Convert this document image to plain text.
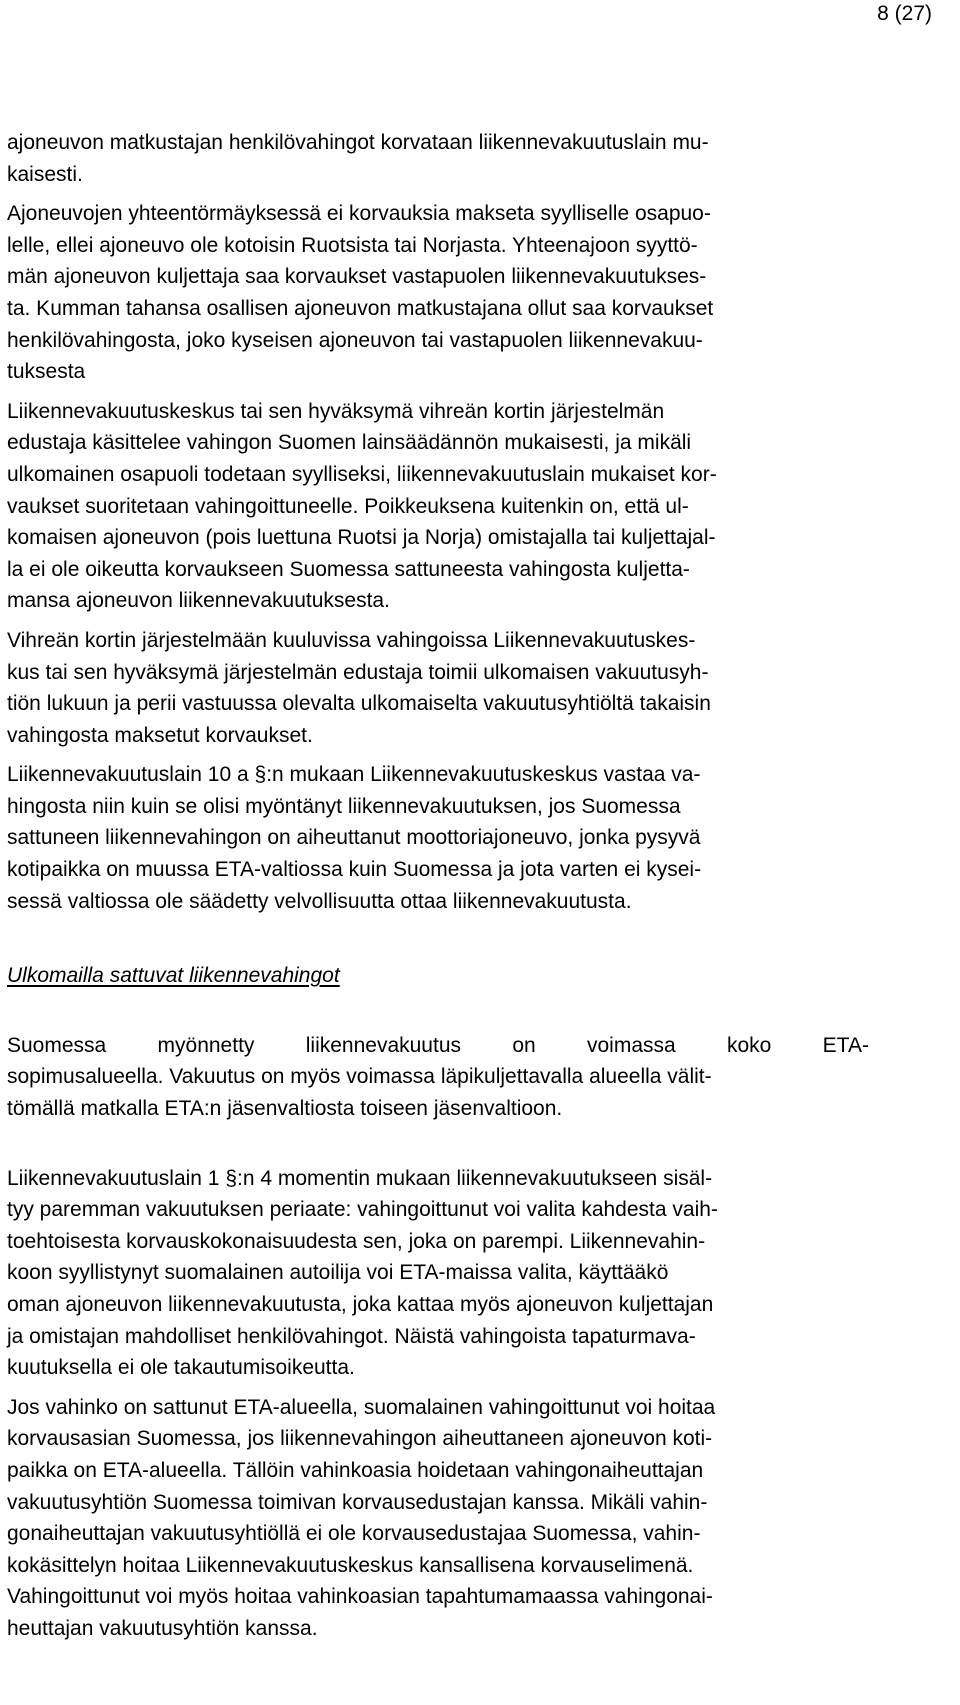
8 (27)
ajoneuvon matkustajan henkilövahingot korvataan liikennevakuutuslain mu-
kaisesti.
Ajoneuvojen yhteentörmäyksessä ei korvauksia makseta syylliselle osapuo-
lelle, ellei ajoneuvo ole kotoisin Ruotsista tai Norjasta. Yhteenajoon syyttö-
män ajoneuvon kuljettaja saa korvaukset vastapuolen liikennevakuutukses-
ta. Kumman tahansa osallisen ajoneuvon matkustajana ollut saa korvaukset
henkilövahingosta, joko kyseisen ajoneuvon tai vastapuolen liikennevakuu-
tuksesta
Liikennevakuutuskeskus tai sen hyväksymä vihreän kortin järjestelmän
edustaja käsittelee vahingon Suomen lainsäädännön mukaisesti, ja mikäli
ulkomainen osapuoli todetaan syylliseksi, liikennevakuutuslain mukaiset kor-
vaukset suoritetaan vahingoittuneelle. Poikkeuksena kuitenkin on, että ul-
komaisen ajoneuvon (pois luettuna Ruotsi ja Norja) omistajalla tai kuljettajal-
la ei ole oikeutta korvaukseen Suomessa sattuneesta vahingosta kuljetta-
mansa ajoneuvon liikennevakuutuksesta.
Vihreän kortin järjestelmään kuuluvissa vahingoissa Liikennevakuutuskes-
kus tai sen hyväksymä järjestelmän edustaja toimii ulkomaisen vakuutusyh-
tiön lukuun ja perii vastuussa olevalta ulkomaiselta vakuutusyhtiöltä takaisin
vahingosta maksetut korvaukset.
Liikennevakuutuslain 10 a §:n mukaan Liikennevakuutuskeskus vastaa va-
hingosta niin kuin se olisi myöntänyt liikennevakuutuksen, jos Suomessa
sattuneen liikennevahingon on aiheuttanut moottoriajoneuvo, jonka pysyvä
kotipaikka on muussa ETA-valtiossa kuin Suomessa ja jota varten ei kysei-
sessä valtiossa ole säädetty velvollisuutta ottaa liikennevakuutusta.
Ulkomailla sattuvat liikennevahingot
Suomessa myönnetty liikennevakuutus on voimassa koko ETA-
sopimusalueella. Vakuutus on myös voimassa läpikuljettavalla alueella välit-
tömällä matkalla ETA:n jäsenvaltiosta toiseen jäsenvaltioon.
Liikennevakuutuslain 1 §:n 4 momentin mukaan liikennevakuutukseen sisäl-
tyy paremman vakuutuksen periaate: vahingoittunut voi valita kahdesta vaih-
toehtoisesta korvauskokonaisuudesta sen, joka on parempi. Liikennevahin-
koon syyllistynyt suomalainen autoilija voi ETA-maissa valita, käyttääkö
oman ajoneuvon liikennevakuutusta, joka kattaa myös ajoneuvon kuljettajan
ja omistajan mahdolliset henkilövahingot. Näistä vahingoista tapaturmava-
kuutuksella ei ole takautumisoikeutta.
Jos vahinko on sattunut ETA-alueella, suomalainen vahingoittunut voi hoitaa
korvausasian Suomessa, jos liikennevahingon aiheuttaneen ajoneuvon koti-
paikka on ETA-alueella. Tällöin vahinkoasia hoidetaan vahingonaiheuttajan
vakuutusyhtiön Suomessa toimivan korvausedustajan kanssa. Mikäli vahin-
gonaiheuttajan vakuutusyhtiöllä ei ole korvausedustajaa Suomessa, vahin-
kokäsittelyn hoitaa Liikennevakuutuskeskus kansallisena korvauselimenä.
Vahingoittunut voi myös hoitaa vahinkoasian tapahtumamaassa vahingonai-
heuttajan vakuutusyhtiön kanssa.
